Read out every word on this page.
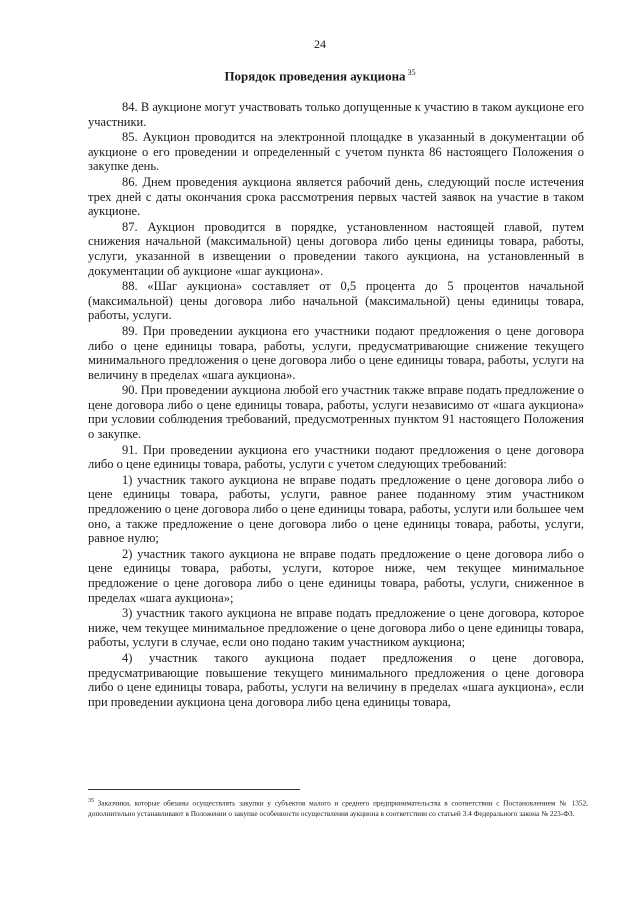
24
Порядок проведения аукциона $^{35}$

84. В аукционе могут участвовать только допущенные к участию в таком аукционе его участники.

85. Аукцион проводится на электронной площадке в указанный в документации об аукционе о его проведении и определенный с учетом пункта 86 настоящего Положения о закупке день.

86. Днем проведения аукциона является рабочий день, следующий после истечения трех дней с даты окончания срока рассмотрения первых частей заявок на участие в таком аукционе.

87. Аукцион проводится в порядке, установленном настоящей главой, путем снижения начальной (максимальной) цены договора либо цены единицы товара, работы, услуги, указанной в извещении о проведении такого аукциона, на установленный в документации об аукционе «шаг аукциона».

88. «Шаг аукциона» составляет от 0,5 процента до 5 процентов начальной (максимальной) цены договора либо начальной (максимальной) цены единицы товара, работы, услуги.

89. При проведении аукциона его участники подают предложения о цене договора либо о цене единицы товара, работы, услуги, предусматривающие снижение текущего минимального предложения о цене договора либо о цене единицы товара, работы, услуги на величину в пределах «шага аукциона».

90. При проведении аукциона любой его участник также вправе подать предложение о цене договора либо о цене единицы товара, работы, услуги независимо от «шага аукциона» при условии соблюдения требований, предусмотренных пунктом 91 настоящего Положения о закупке.

91. При проведении аукциона его участники подают предложения о цене договора либо о цене единицы товара, работы, услуги с учетом следующих требований:

1) участник такого аукциона не вправе подать предложение о цене договора либо о цене единицы товара, работы, услуги, равное ранее поданному этим участником предложению о цене договора либо о цене единицы товара, работы, услуги или большее чем оно, а также предложение о цене договора либо о цене единицы товара, работы, услуги, равное нулю;

2) участник такого аукциона не вправе подать предложение о цене договора либо о цене единицы товара, работы, услуги, которое ниже, чем текущее минимальное предложение о цене договора либо о цене единицы товара, работы, услуги, сниженное в пределах «шага аукциона»;

3) участник такого аукциона не вправе подать предложение о цене договора, которое ниже, чем текущее минимальное предложение о цене договора либо о цене единицы товара, работы, услуги в случае, если оно подано таким участником аукциона;

4) участник такого аукциона подает предложения о цене договора, предусматривающие повышение текущего минимального предложения о цене договора либо о цене единицы товара, работы, услуги на величину в пределах «шага аукциона», если при проведении аукциона цена договора либо цена единицы товара,

$^{35}$ Заказчики, которые обязаны осуществлять закупки у субъектов малого и среднего предпринимательства в соответствии с Постановлением № 1352, дополнительно устанавливают в Положении о закупке особенности осуществления аукциона в соответствии со статьей 3.4 Федерального закона № 223-ФЗ.
